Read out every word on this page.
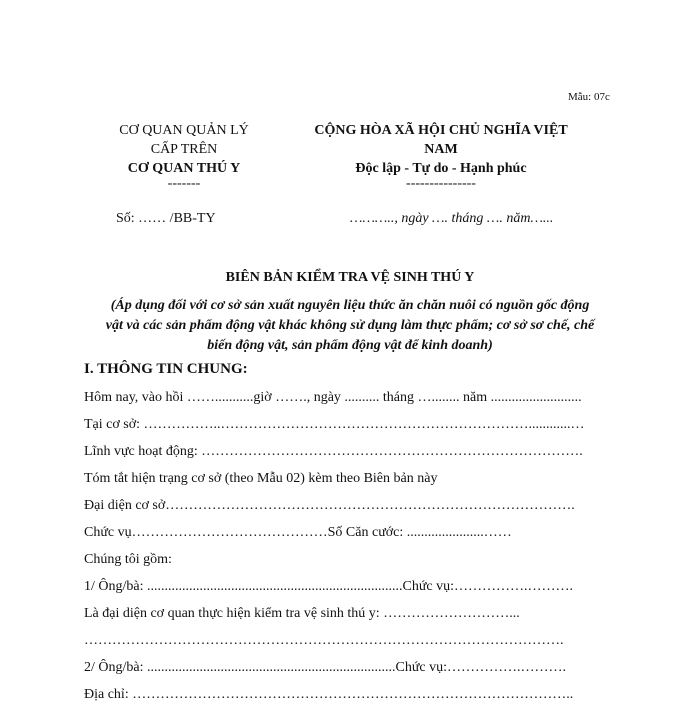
Mẫu: 07c
CƠ QUAN QUẢN LÝ
CẤP TRÊN
CƠ QUAN THÚ Y
-------
CỘNG HÒA XÃ HỘI CHỦ NGHĨA VIỆT
NAM
Độc lập - Tự do - Hạnh phúc
---------------
Số: …… /BB-TY	……….., ngày …. tháng …. năm…...
BIÊN BẢN KIỂM TRA VỆ SINH THÚ Y
(Áp dụng đối với cơ sở sản xuất nguyên liệu thức ăn chăn nuôi có nguồn gốc động
vật và các sản phẩm động vật khác không sử dụng làm thực phẩm; cơ sở sơ chế, chế
biến động vật, sản phẩm động vật để kinh doanh)
I. THÔNG TIN CHUNG:
Hôm nay, vào hồi ……...........giờ ……., ngày .......... tháng …........ năm ..........................
Tại cơ sở: ……………..…………………………………………………………............…
Lĩnh vực hoạt động: ……………………………………………………………………….
Tóm tắt hiện trạng cơ sở (theo Mẫu 02) kèm theo Biên bản này
Đại diện cơ sở…………………………………………………………………………….
Chức vụ……………………………………Số Căn cước: ......................……
Chúng tôi gồm:
1/ Ông/bà: .........................................................................Chức vụ:…………….……….
Là đại diện cơ quan thực hiện kiểm tra vệ sinh thú y: ………………………...
………………………………………………………………………………………….
2/ Ông/bà: .......................................................................Chức vụ:…………….……….
Địa chỉ: …………………………………………………………………………………..
